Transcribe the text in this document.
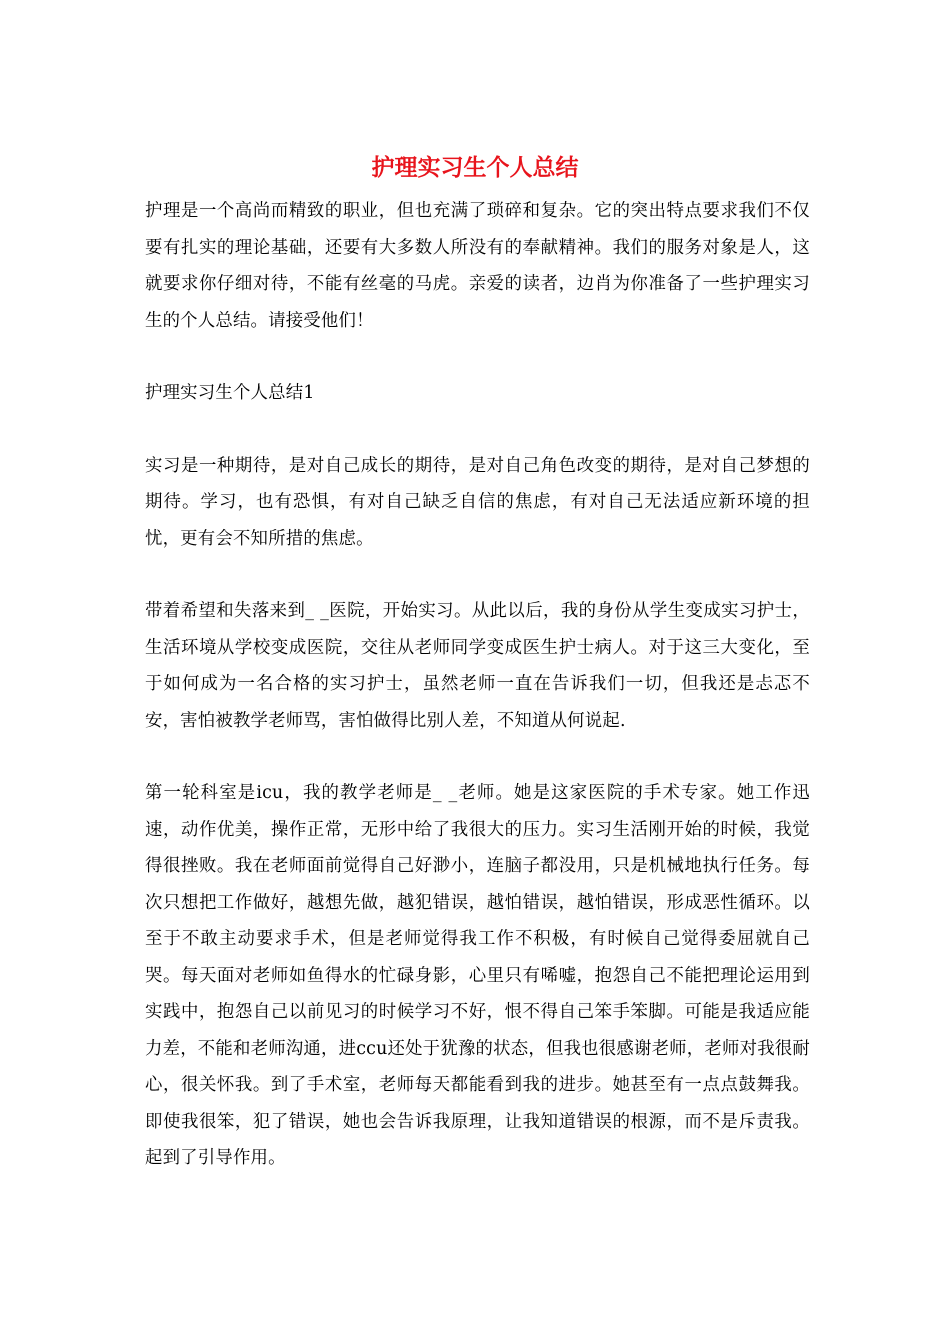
护理实习生个人总结

护理是一个高尚而精致的职业，但也充满了琐碎和复杂。它的突出特点要求我们不仅要有扎实的理论基础，还要有大多数人所没有的奉献精神。我们的服务对象是人，这就要求你仔细对待，不能有丝毫的马虎。亲爱的读者，边肖为你准备了一些护理实习生的个人总结。请接受他们！

护理实习生个人总结1

实习是一种期待，是对自己成长的期待，是对自己角色改变的期待，是对自己梦想的期待。学习，也有恐惧，有对自己缺乏自信的焦虑，有对自己无法适应新环境的担忧，更有会不知所措的焦虑。

带着希望和失落来到_ _医院，开始实习。从此以后，我的身份从学生变成实习护士，生活环境从学校变成医院，交往从老师同学变成医生护士病人。对于这三大变化，至于如何成为一名合格的实习护士，虽然老师一直在告诉我们一切，但我还是忐忑不安，害怕被教学老师骂，害怕做得比别人差，不知道从何说起.

第一轮科室是icu，我的教学老师是_ _老师。她是这家医院的手术专家。她工作迅速，动作优美，操作正常，无形中给了我很大的压力。实习生活刚开始的时候，我觉得很挫败。我在老师面前觉得自己好渺小，连脑子都没用，只是机械地执行任务。每次只想把工作做好，越想先做，越犯错误，越怕错误，越怕错误，形成恶性循环。以至于不敢主动要求手术，但是老师觉得我工作不积极，有时候自己觉得委屈就自己哭。每天面对老师如鱼得水的忙碌身影，心里只有唏嘘，抱怨自己不能把理论运用到实践中，抱怨自己以前见习的时候学习不好，恨不得自己笨手笨脚。可能是我适应能力差，不能和老师沟通，进ccu还处于犹豫的状态，但我也很感谢老师，老师对我很耐心，很关怀我。到了手术室，老师每天都能看到我的进步。她甚至有一点点鼓舞我。即使我很笨，犯了错误，她也会告诉我原理，让我知道错误的根源，而不是斥责我。起到了引导作用。
